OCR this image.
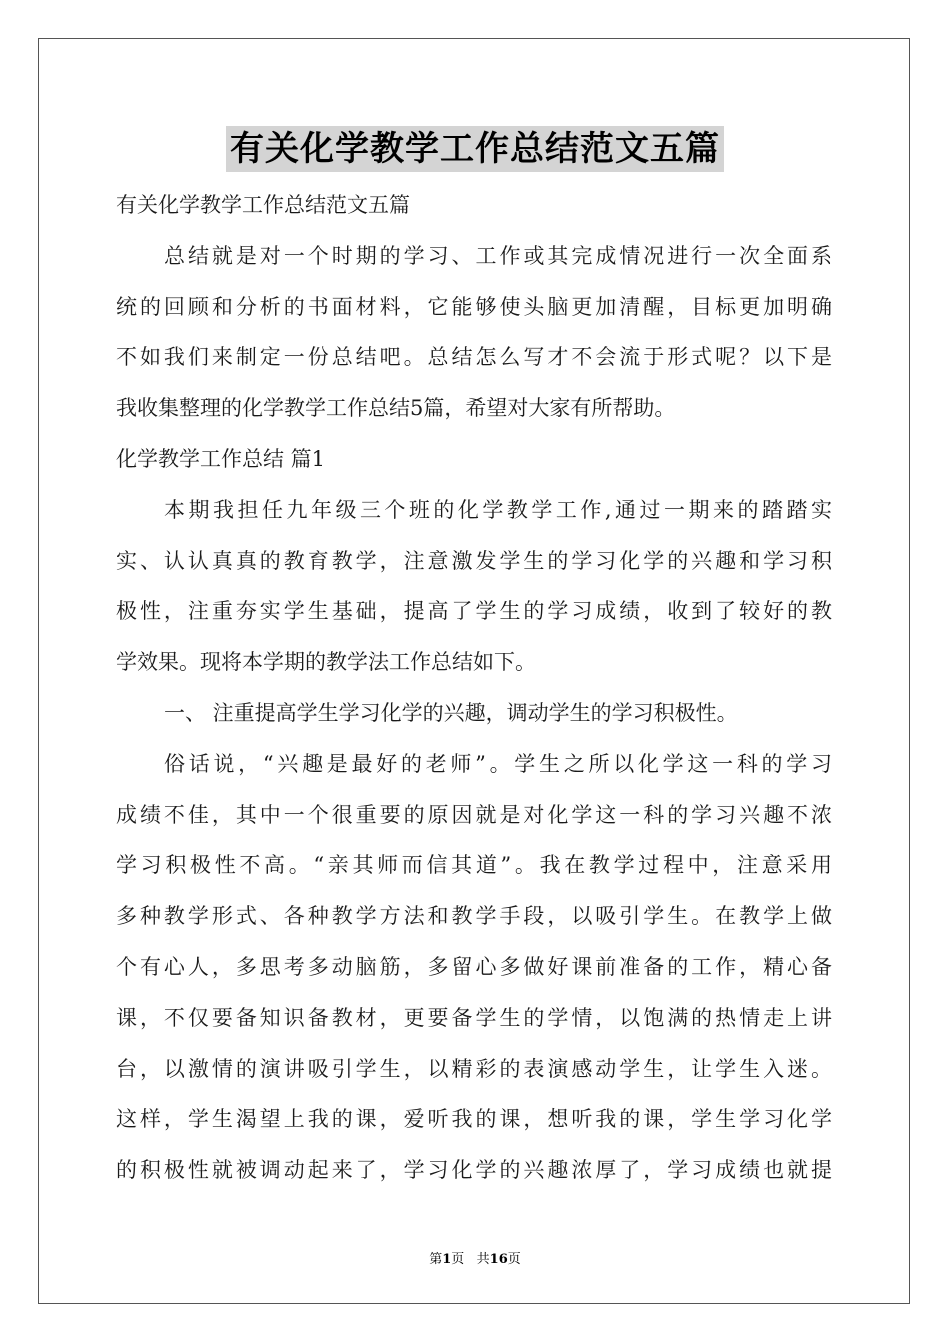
有关化学教学工作总结范文五篇
有关化学教学工作总结范文五篇
总结就是对一个时期的学习、工作或其完成情况进行一次全面系
统的回顾和分析的书面材料，它能够使头脑更加清醒，目标更加明确
不如我们来制定一份总结吧。总结怎么写才不会流于形式呢？以下是
我收集整理的化学教学工作总结5篇，希望对大家有所帮助。
化学教学工作总结 篇1
本期我担任九年级三个班的化学教学工作,通过一期来的踏踏实
实、认认真真的教育教学，注意激发学生的学习化学的兴趣和学习积
极性，注重夯实学生基础，提高了学生的学习成绩，收到了较好的教
学效果。现将本学期的教学法工作总结如下。
一、 注重提高学生学习化学的兴趣，调动学生的学习积极性。
俗话说，“兴趣是最好的老师”。学生之所以化学这一科的学习
成绩不佳，其中一个很重要的原因就是对化学这一科的学习兴趣不浓
学习积极性不高。“亲其师而信其道”。我在教学过程中，注意采用
多种教学形式、各种教学方法和教学手段，以吸引学生。在教学上做
个有心人，多思考多动脑筋，多留心多做好课前准备的工作，精心备
课，不仅要备知识备教材，更要备学生的学情，以饱满的热情走上讲
台，以激情的演讲吸引学生，以精彩的表演感动学生，让学生入迷。
这样，学生渴望上我的课，爱听我的课，想听我的课，学生学习化学
的积极性就被调动起来了，学习化学的兴趣浓厚了，学习成绩也就提
第1页   共16页
